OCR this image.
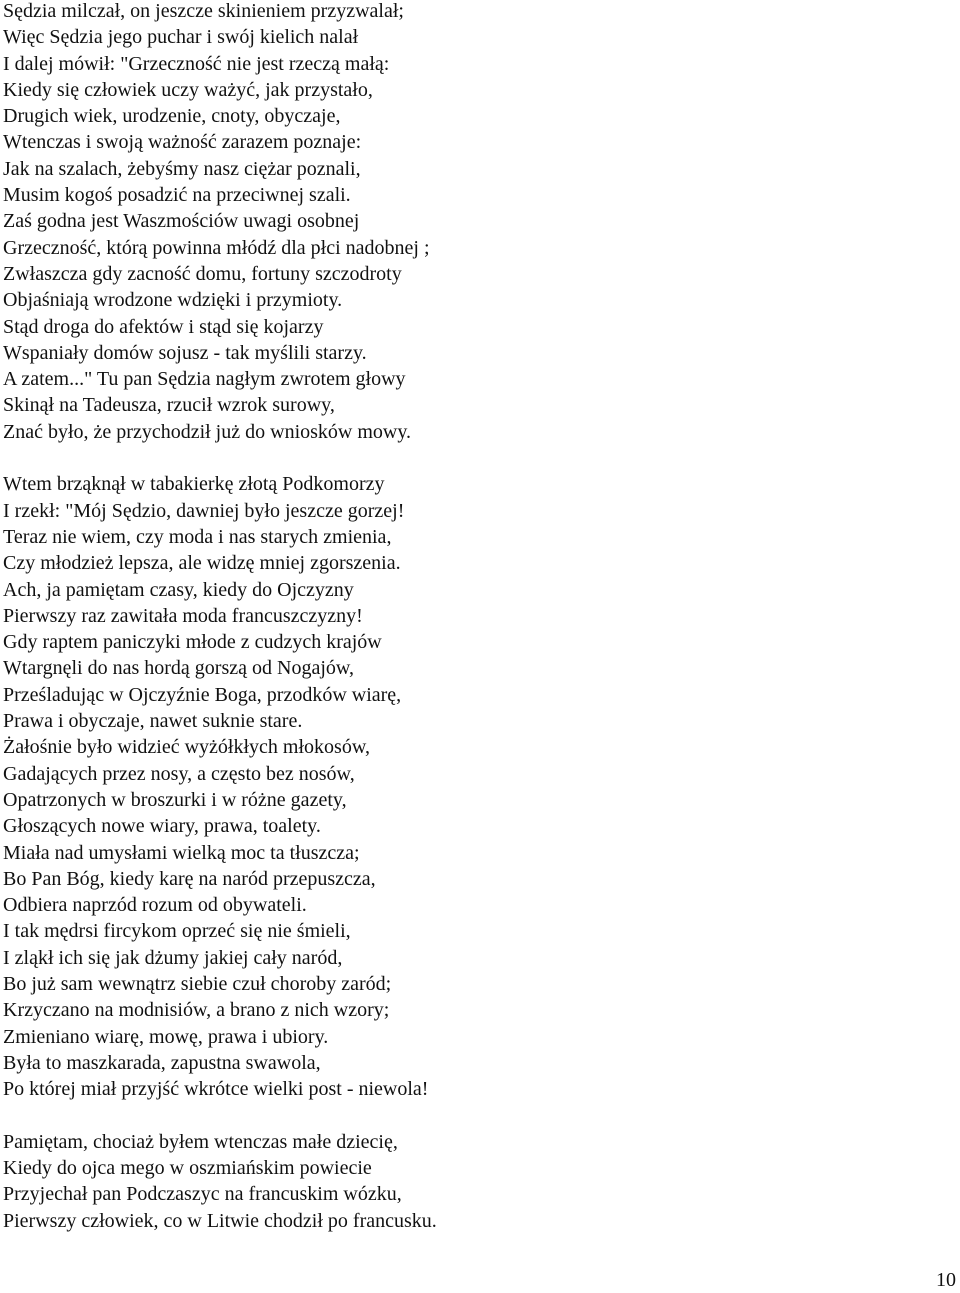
Sędzia milczał, on jeszcze skinieniem przyzwalał;
Więc Sędzia jego puchar i swój kielich nalał
I dalej mówił: "Grzeczność nie jest rzeczą małą:
Kiedy się człowiek uczy ważyć, jak przystało,
Drugich wiek, urodzenie, cnoty, obyczaje,
Wtenczas i swoją ważność zarazem poznaje:
Jak na szalach, żebyśmy nasz ciężar poznali,
Musim kogoś posadzić na przeciwnej szali.
Zaś godna jest Waszmościów uwagi osobnej
Grzeczność, którą powinna młódź dla płci nadobnej ;
Zwłaszcza gdy zacność domu, fortuny szczodroty
Objaśniają wrodzone wdzięki i przymioty.
Stąd droga do afektów i stąd się kojarzy
Wspaniały domów sojusz - tak myślili starzy.
A zatem..." Tu pan Sędzia nagłym zwrotem głowy
Skinął na Tadeusza, rzucił wzrok surowy,
Znać było, że przychodził już do wniosków mowy.
Wtem brząknął w tabakierkę złotą Podkomorzy
I rzekł: "Mój Sędzio, dawniej było jeszcze gorzej!
Teraz nie wiem, czy moda i nas starych zmienia,
Czy młodzież lepsza, ale widzę mniej zgorszenia.
Ach, ja pamiętam czasy, kiedy do Ojczyzny
Pierwszy raz zawitała moda francuszczyzny!
Gdy raptem paniczyki młode z cudzych krajów
Wtargnęli do nas hordą gorszą od Nogajów,
Prześladując w Ojczyźnie Boga, przodków wiarę,
Prawa i obyczaje, nawet suknie stare.
Żałośnie było widzieć wyżółkłych młokosów,
Gadających przez nosy, a często bez nosów,
Opatrzonych w broszurki i w różne gazety,
Głoszących nowe wiary, prawa, toalety.
Miała nad umysłami wielką moc ta tłuszcza;
Bo Pan Bóg, kiedy karę na naród przepuszcza,
Odbiera naprzód rozum od obywateli.
I tak mędrsi fircykom oprzeć się nie śmieli,
I zląkł ich się jak dżumy jakiej cały naród,
Bo już sam wewnątrz siebie czuł choroby zaród;
Krzyczano na modnisiów, a brano z nich wzory;
Zmieniano wiarę, mowę, prawa i ubiory.
Była to maszkarada, zapustna swawola,
Po której miał przyjść wkrótce wielki post - niewola!
Pamiętam, chociaż byłem wtenczas małe dziecię,
Kiedy do ojca mego w oszmiańskim powiecie
Przyjechał pan Podczaszyc na francuskim wózku,
Pierwszy człowiek, co w Litwie chodził po francusku.
10
